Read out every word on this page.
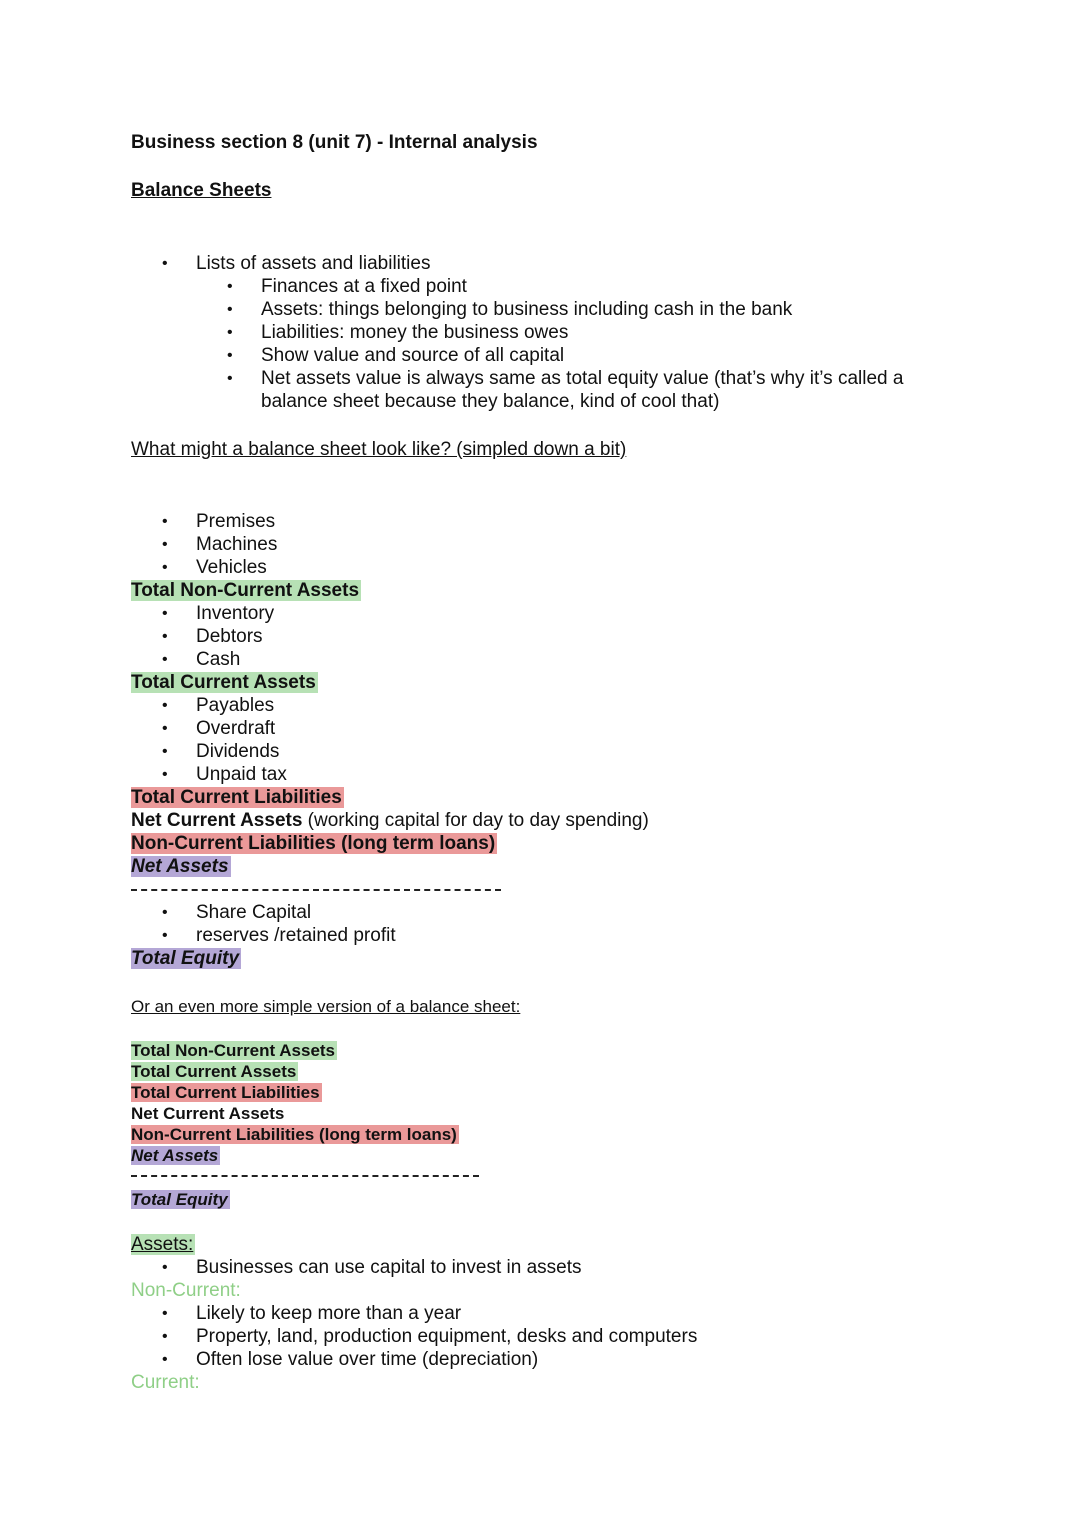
Business section 8 (unit 7) - Internal analysis
Balance Sheets
• Lists of assets and liabilities
• Finances at a fixed point
• Assets: things belonging to business including cash in the bank
• Liabilities: money the business owes
• Show value and source of all capital
• Net assets value is always same as total equity value (that’s why it’s called a balance sheet because they balance, kind of cool that)
What might a balance sheet look like? (simpled down a bit)
• Premises
• Machines
• Vehicles
Total Non-Current Assets
• Inventory
• Debtors
• Cash
Total Current Assets
• Payables
• Overdraft
• Dividends
• Unpaid tax
Total Current Liabilities
Net Current Assets (working capital for day to day spending)
Non-Current Liabilities (long term loans)
Net Assets
• Share Capital
• reserves /retained profit
Total Equity
Or an even more simple version of a balance sheet:
Total Non-Current Assets
Total Current Assets
Total Current Liabilities
Net Current Assets
Non-Current Liabilities (long term loans)
Net Assets
Total Equity
Assets:
• Businesses can use capital to invest in assets
Non-Current:
• Likely to keep more than a year
• Property, land, production equipment, desks and computers
• Often lose value over time (depreciation)
Current:
